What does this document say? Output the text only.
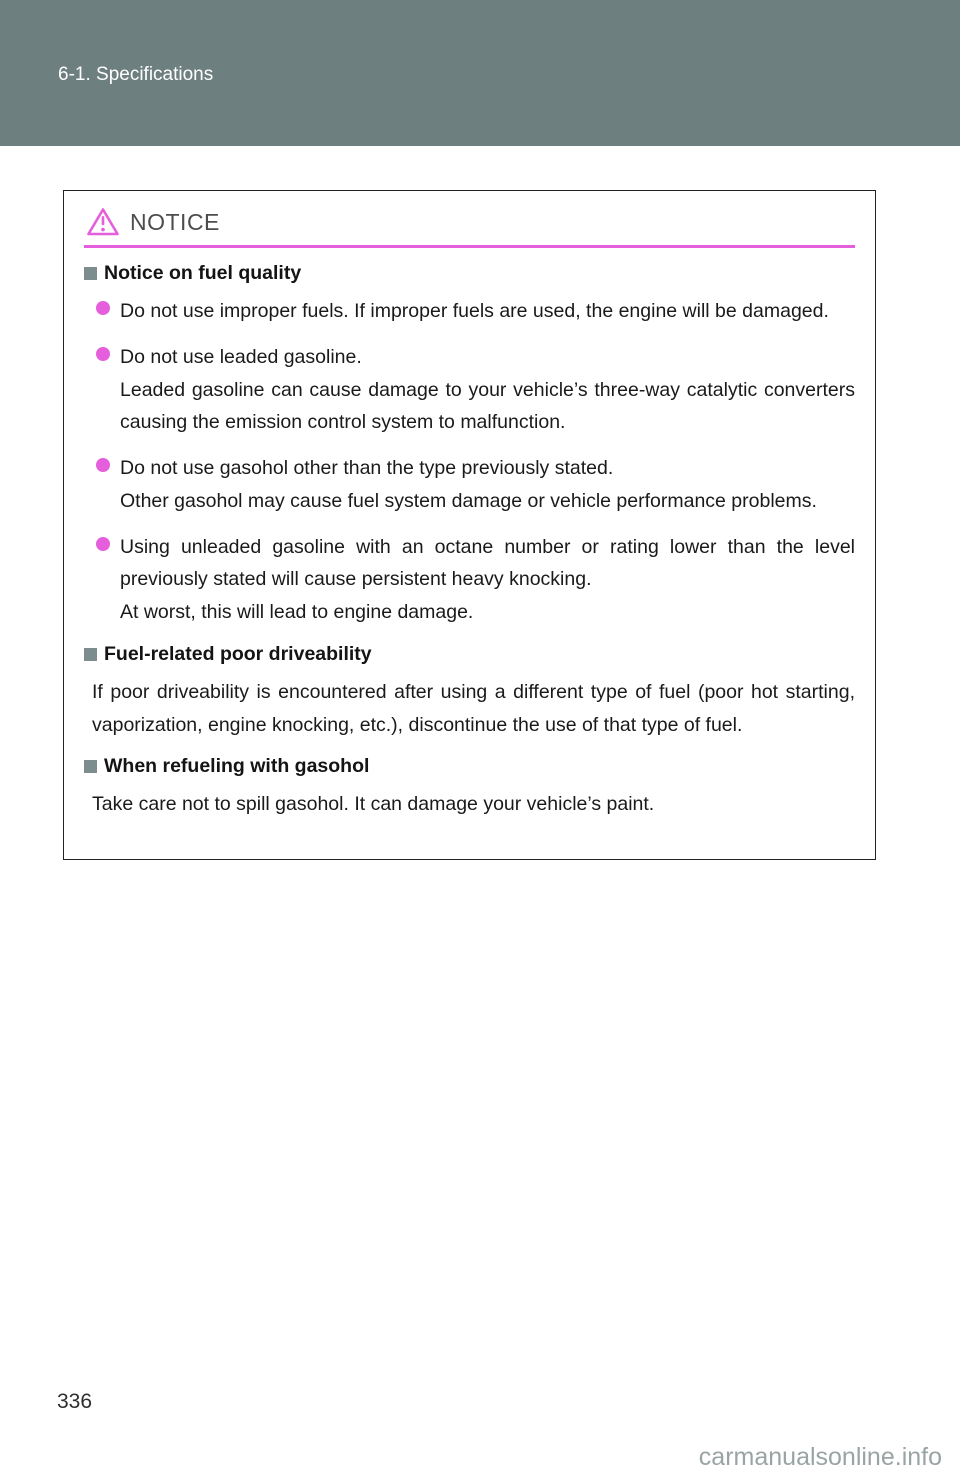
6-1. Specifications
NOTICE
Notice on fuel quality

Do not use improper fuels. If improper fuels are used, the engine will be damaged.

Do not use leaded gasoline.

Leaded gasoline can cause damage to your vehicle’s three-way catalytic converters causing the emission control system to malfunction.

Do not use gasohol other than the type previously stated.

Other gasohol may cause fuel system damage or vehicle performance problems.

Using unleaded gasoline with an octane number or rating lower than the level previously stated will cause persistent heavy knocking.

At worst, this will lead to engine damage.

Fuel-related poor driveability

If poor driveability is encountered after using a different type of fuel (poor hot starting, vaporization, engine knocking, etc.), discontinue the use of that type of fuel.

When refueling with gasohol

Take care not to spill gasohol. It can damage your vehicle’s paint.

336
carmanualsonline.info
